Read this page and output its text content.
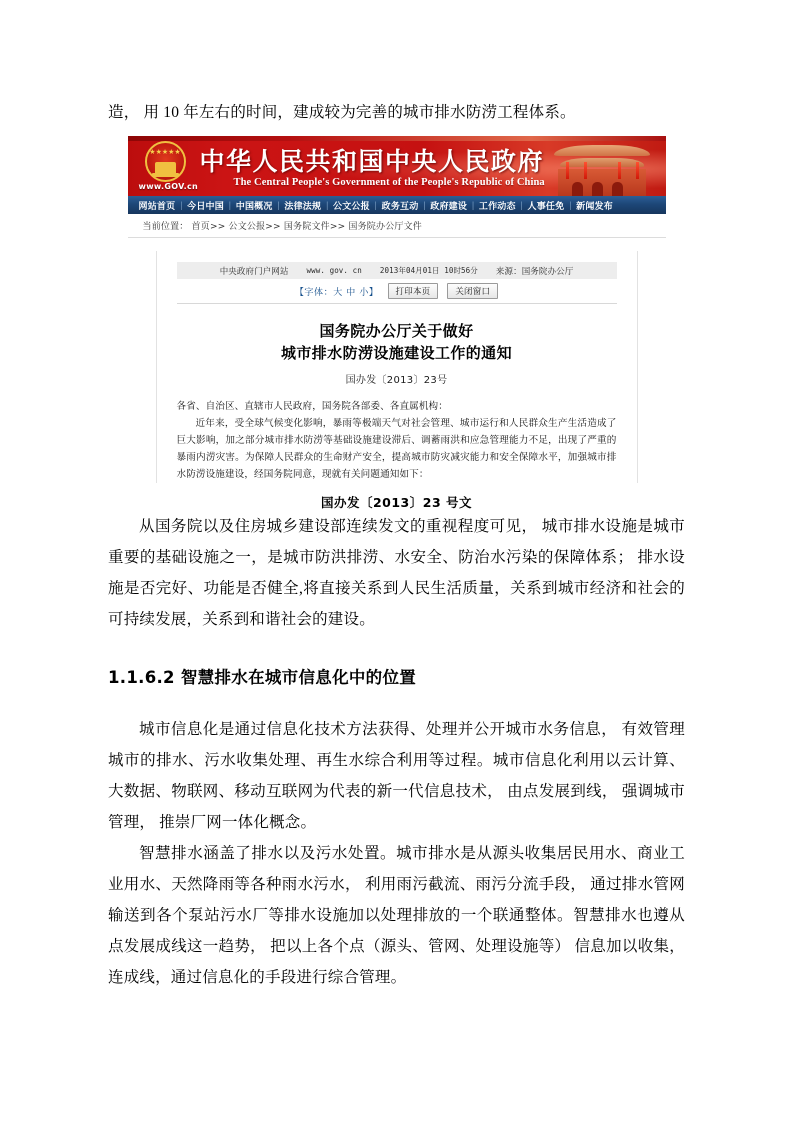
造， 用 10 年左右的时间，建成较为完善的城市排水防涝工程体系。

★★★★★
www.GOV.cn
中华人民共和国中央人民政府
The Central People's Government of the People's Republic of China
网站首页 | 今日中国 | 中国概况 | 法律法规 | 公文公报 | 政务互动 | 政府建设 | 工作动态 | 人事任免 | 新闻发布
当前位置： 首页>> 公文公报>> 国务院文件>> 国务院办公厅文件
中央政府门户网站 www. gov. cn 2013年04月01日 10时56分 来源：国务院办公厅
【字体：大 中 小】	打印本页	关闭窗口
国务院办公厅关于做好
城市排水防涝设施建设工作的通知
国办发〔2013〕23号

各省、自治区、直辖市人民政府，国务院各部委、各直属机构：

近年来，受全球气候变化影响，暴雨等极端天气对社会管理、城市运行和人民群众生产生活造成了巨大影响，加之部分城市排水防涝等基础设施建设滞后、调蓄雨洪和应急管理能力不足，出现了严重的暴雨内涝灾害。为保障人民群众的生命财产安全，提高城市防灾减灾能力和安全保障水平，加强城市排水防涝设施建设，经国务院同意，现就有关问题通知如下：

国办发〔2013〕23 号文

从国务院以及住房城乡建设部连续发文的重视程度可见， 城市排水设施是城市重要的基础设施之一，是城市防洪排涝、水安全、防治水污染的保障体系； 排水设施是否完好、功能是否健全,将直接关系到人民生活质量，关系到城市经济和社会的可持续发展，关系到和谐社会的建设。

1.1.6.2 智慧排水在城市信息化中的位置

城市信息化是通过信息化技术方法获得、处理并公开城市水务信息， 有效管理城市的排水、污水收集处理、再生水综合利用等过程。城市信息化利用以云计算、大数据、物联网、移动互联网为代表的新一代信息技术， 由点发展到线， 强调城市管理， 推崇厂网一体化概念。

智慧排水涵盖了排水以及污水处置。城市排水是从源头收集居民用水、商业工业用水、天然降雨等各种雨水污水， 利用雨污截流、雨污分流手段， 通过排水管网输送到各个泵站污水厂等排水设施加以处理排放的一个联通整体。智慧排水也遵从点发展成线这一趋势， 把以上各个点（源头、管网、处理设施等） 信息加以收集，连成线，通过信息化的手段进行综合管理。
